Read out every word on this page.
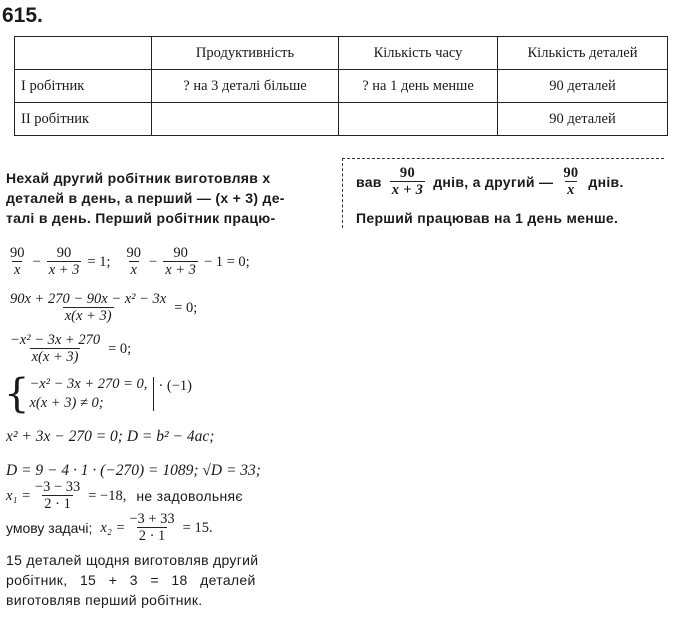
615.
	Продуктивність	Кількість часу	Кількість деталей
I робітник	? на 3 деталі більше	? на 1 день менше	90 деталей
II робітник			90 деталей
Нехай другий робітник виготовляв x
деталей в день, а перший — (x + 3) де-
талі в день. Перший робітник працю-
вав $\frac{90}{x + 3}$ днів, а другий — $\frac{90}{x}$ днів.
Перший працював на 1 день менше.
$\frac{90}{x} - \frac{90}{x + 3} = 1$; $\frac{90}{x} - \frac{90}{x + 3} - 1 = 0$;
$\frac{\text{90x + 270 − 90x − x² − 3x}}{x(x + 3)} = 0$;
$\frac{\text{−x² − 3x + 270}}{x(x + 3)} = 0$;
{ −x² − 3x + 270 = 0,
x(x + 3) ≠ 0;
· (−1)
x² + 3x − 270 = 0; D = b² − 4ac;
D = 9 − 4 · 1 · (−270) = 1089; √D = 33;
$x_1 = \frac{-3 - 33}{2 \cdot 1} = -18$, не задовольняє
умову задачі; $x_2 = \frac{-3 + 33}{2 \cdot 1} = 15$.
15 деталей щодня виготовляв другий
робітник,   15   +   3   =   18   деталей
виготовляв перший робітник.
